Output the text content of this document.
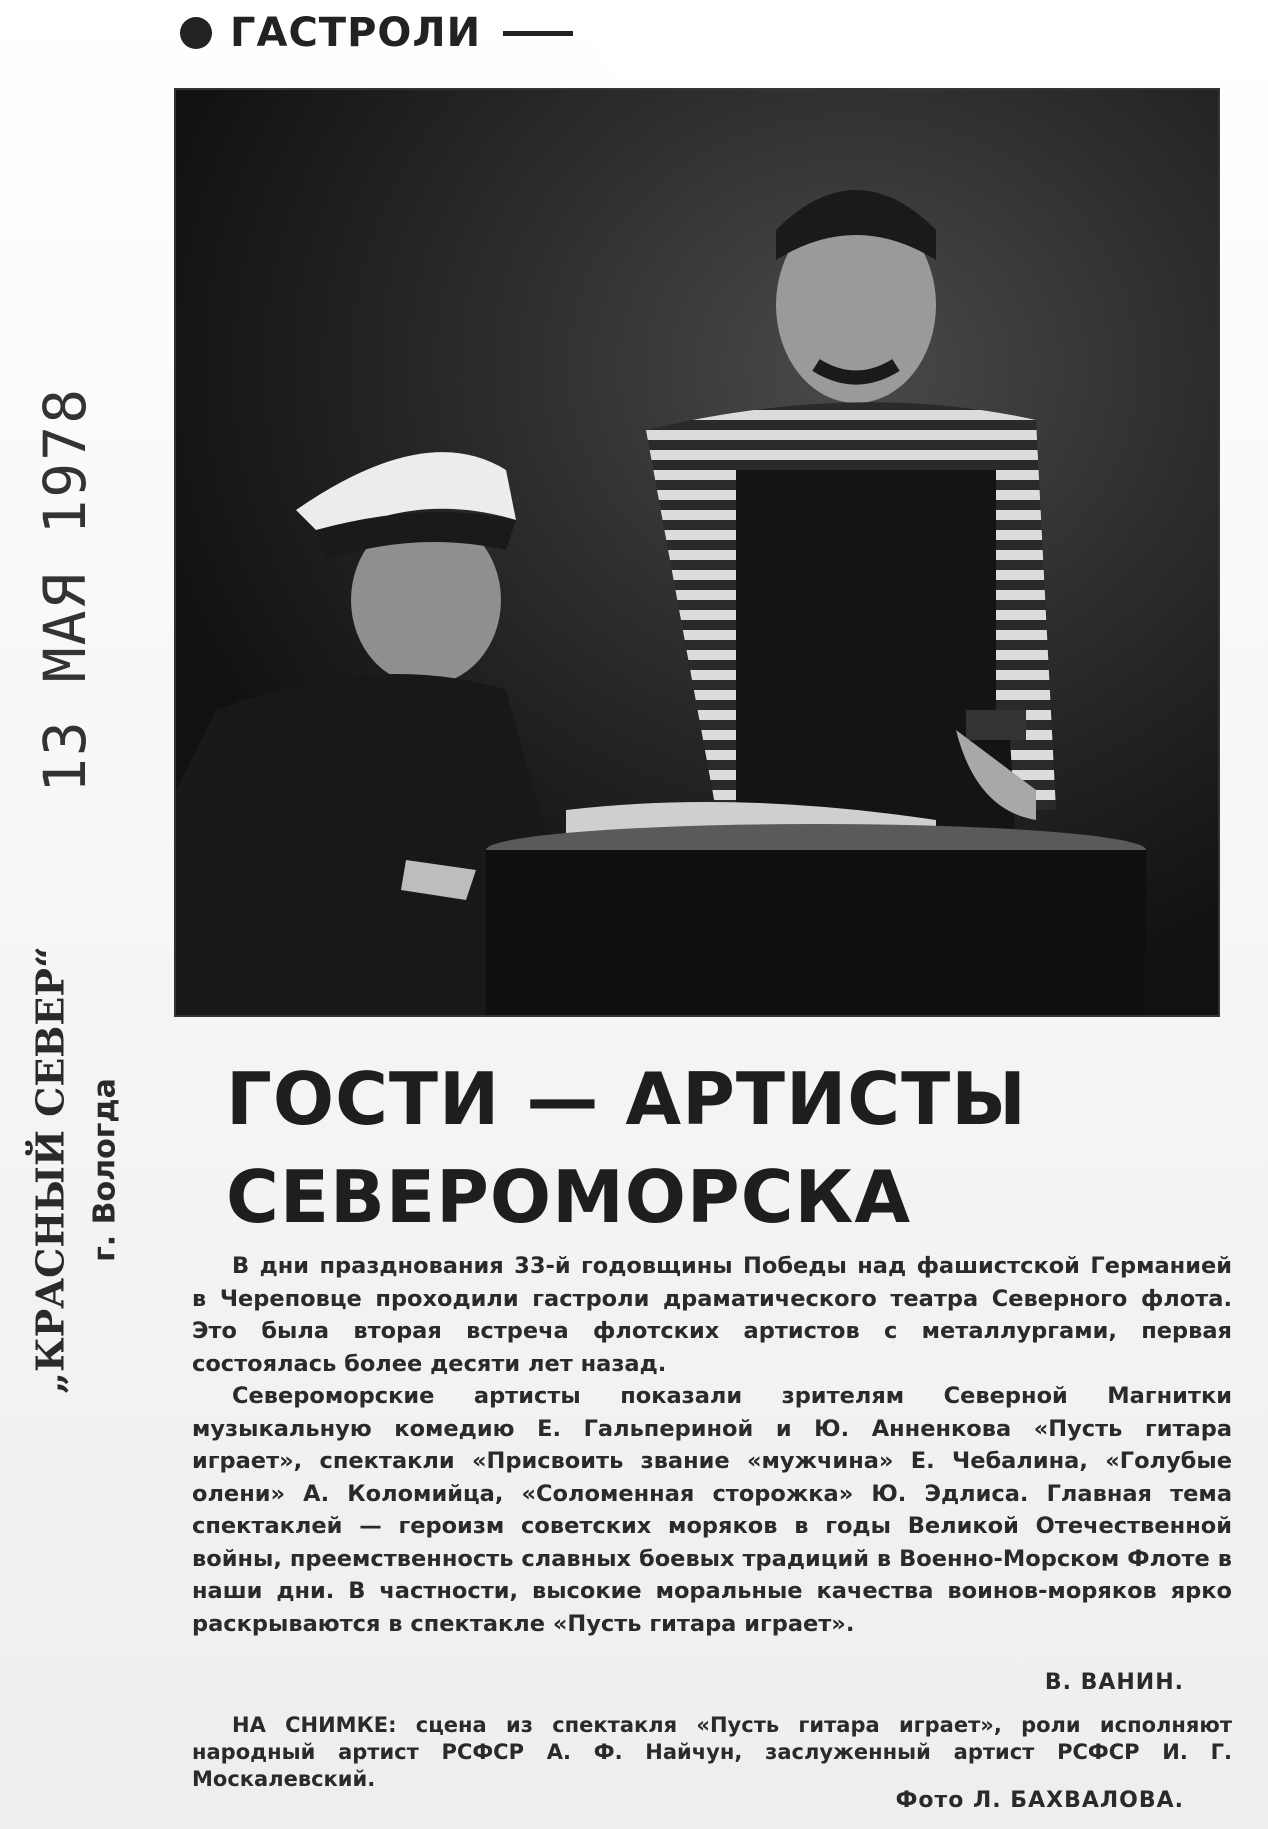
ГАСТРОЛИ
13 МАЯ 1978
„КРАСНЫЙ СЕВЕР“ г. Вологда ГОСТИ — АРТИСТЫ
СЕВЕРОМОРСКА

В дни празднования 33-й годовщины Победы над фашистской Германией в Череповце проходили гастроли драматического театра Северного флота. Это была вторая встреча флотских артистов с металлургами, первая состоялась более десяти лет назад.

Североморские артисты показали зрителям Северной Магнитки музыкальную комедию Е. Гальпериной и Ю. Анненкова «Пусть гитара играет», спектакли «Присвоить звание «мужчина» Е. Чебалина, «Голубые олени» А. Коломийца, «Соломенная сторожка» Ю. Эдлиса. Главная тема спектаклей — героизм советских моряков в годы Великой Отечественной войны, преемственность славных боевых традиций в Военно-Морском Флоте в наши дни. В частности, высокие моральные качества воинов-моряков ярко раскрываются в спектакле «Пусть гитара играет».

В. ВАНИН.
НА СНИМКЕ: сцена из спектакля «Пусть гитара играет», роли исполняют народный артист РСФСР А. Ф. Найчун, заслуженный артист РСФСР И. Г. Москалевский.
Фото Л. БАХВАЛОВА.
